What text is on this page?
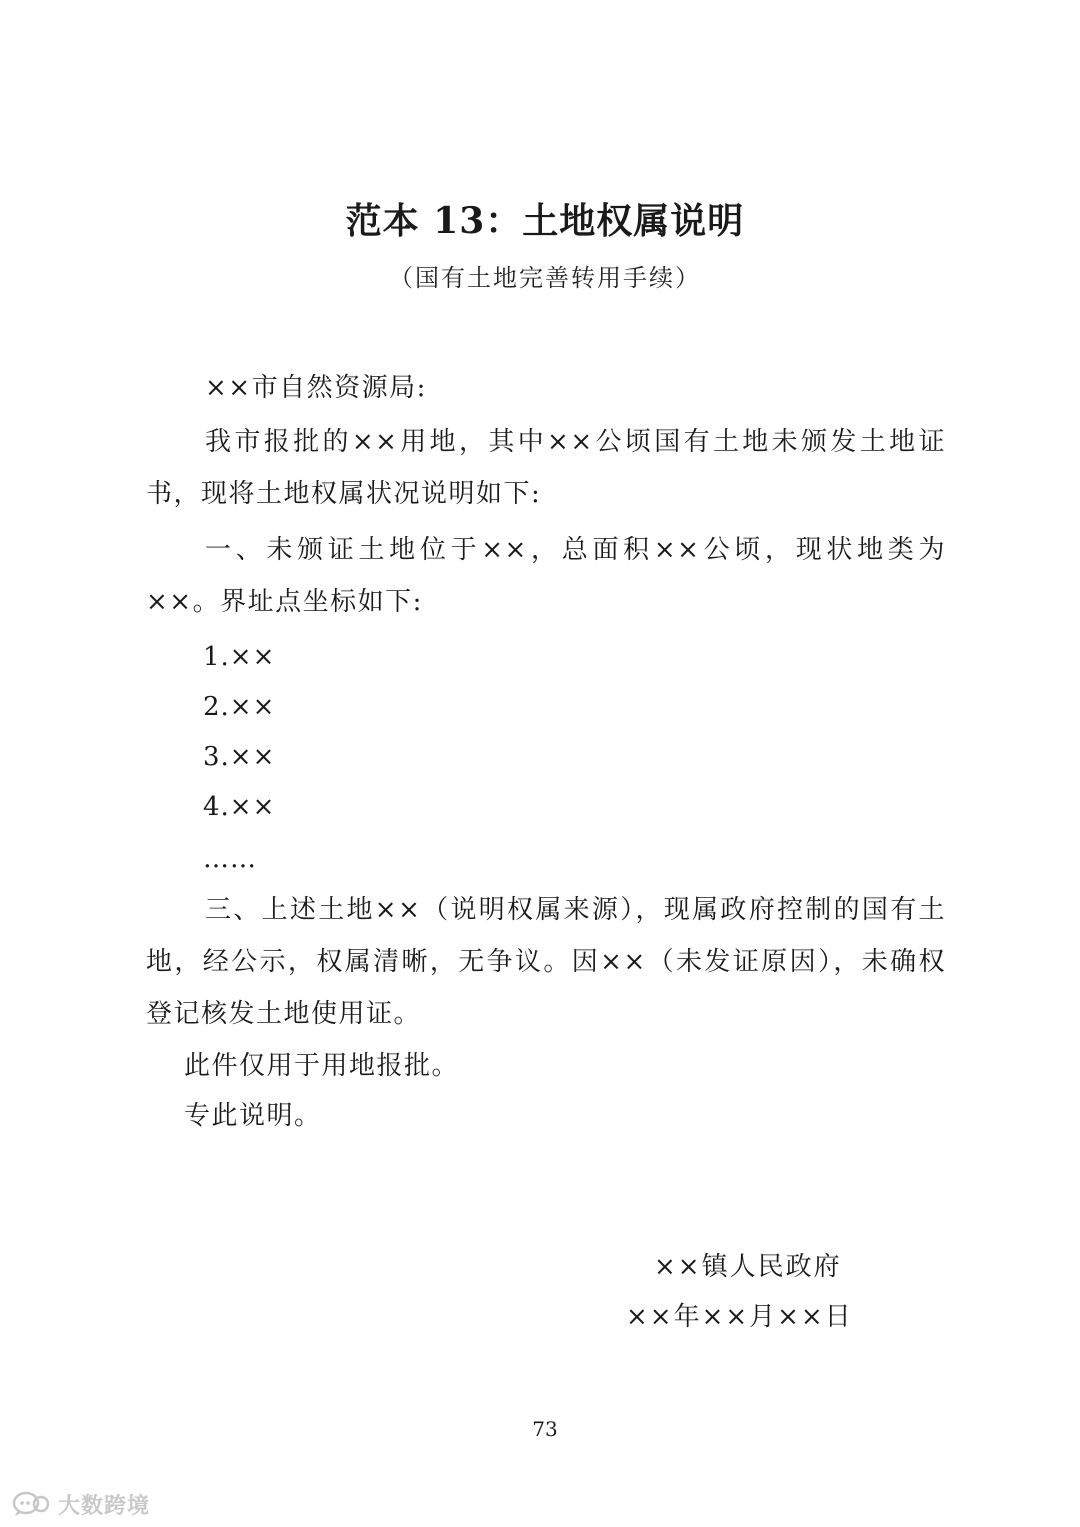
范本 13：土地权属说明
（国有土地完善转用手续）
××市自然资源局:
我市报批的××用地，其中××公顷国有土地未颁发土地证书，现将土地权属状况说明如下:
一、未颁证土地位于××，总面积××公顷，现状地类为××。界址点坐标如下:
1.××
2.××
3.××
4.××
……
三、上述土地××（说明权属来源），现属政府控制的国有土地，经公示，权属清晰，无争议。因××（未发证原因），未确权登记核发土地使用证。
此件仅用于用地报批。
专此说明。
××镇人民政府
××年××月××日
73
大数跨境
